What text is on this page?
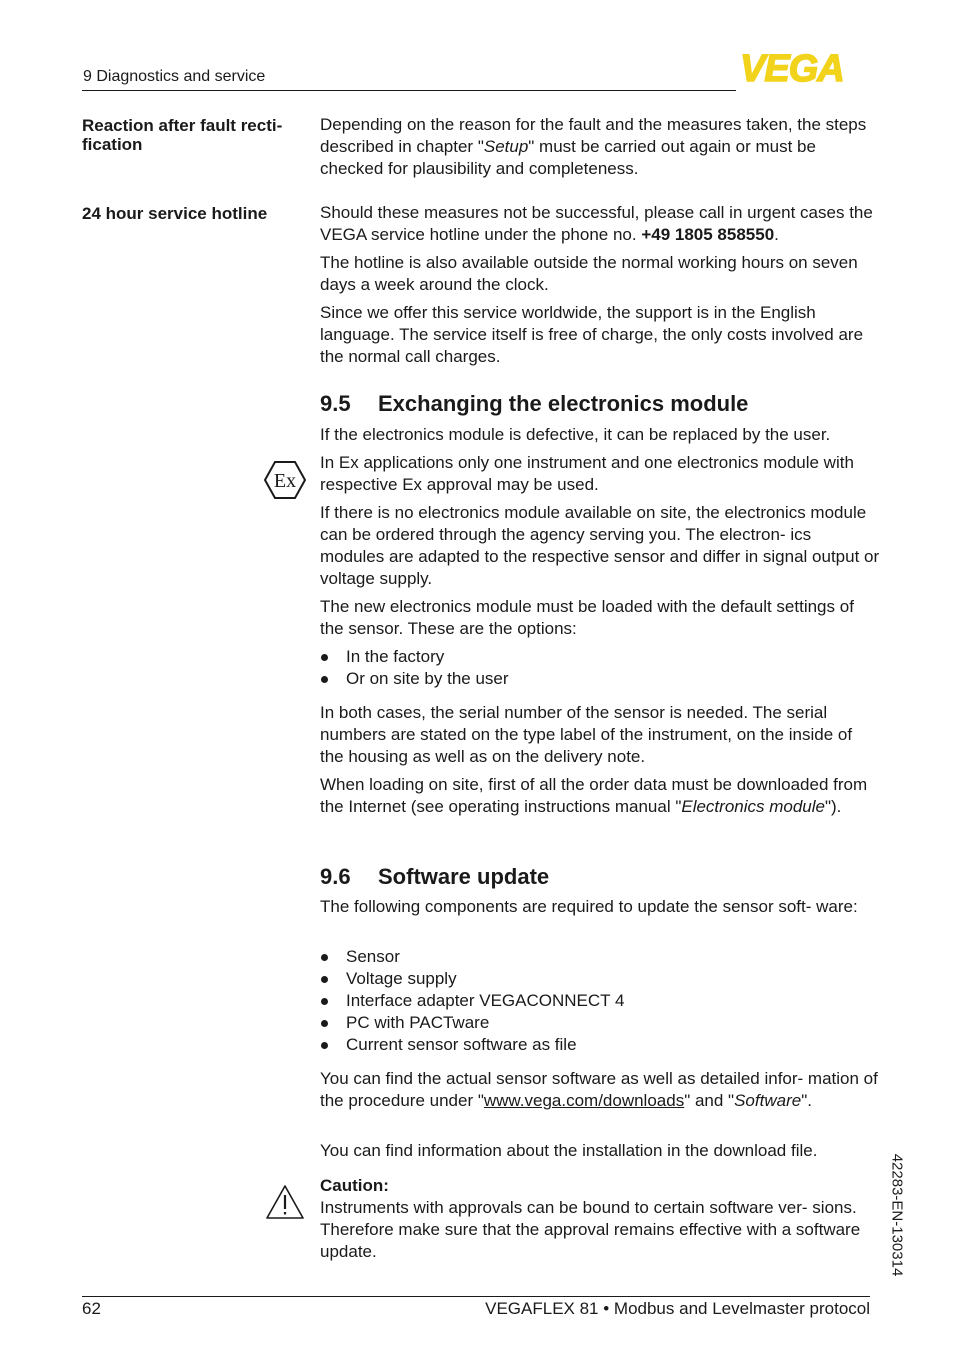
9 Diagnostics and service	VEGA
Reaction after fault recti- fication

Depending on the reason for the fault and the measures taken, the steps described in chapter "Setup" must be carried out again or must be checked for plausibility and completeness.

24 hour service hotline	Should these measures not be successful, please call in urgent cases the VEGA service hotline under the phone no. +49 1805 858550.

The hotline is also available outside the normal working hours on seven days a week around the clock.

Since we offer this service worldwide, the support is in the English language. The service itself is free of charge, the only costs involved are the normal call charges.

9.5 Exchanging the electronics module

If the electronics module is defective, it can be replaced by the user.

Ex

In Ex applications only one instrument and one electronics module with respective Ex approval may be used.

If there is no electronics module available on site, the electronics module can be ordered through the agency serving you. The electron- ics modules are adapted to the respective sensor and differ in signal output or voltage supply.

The new electronics module must be loaded with the default settings of the sensor. These are the options:

In the factory
Or on site by the user

In both cases, the serial number of the sensor is needed. The serial numbers are stated on the type label of the instrument, on the inside of the housing as well as on the delivery note.

When loading on site, first of all the order data must be downloaded from the Internet (see operating instructions manual "Electronics module").

9.6 Software update

The following components are required to update the sensor soft- ware:

Sensor
Voltage supply
Interface adapter VEGACONNECT 4
PC with PACTware
Current sensor software as file

You can find the actual sensor software as well as detailed infor- mation of the procedure under "www.vega.com/downloads" and "Software".

You can find information about the installation in the download file.

Caution:
Instruments with approvals can be bound to certain software ver- sions. Therefore make sure that the approval remains effective with a software update.	42283-EN-130314
62	VEGAFLEX 81 • Modbus and Levelmaster protocol
